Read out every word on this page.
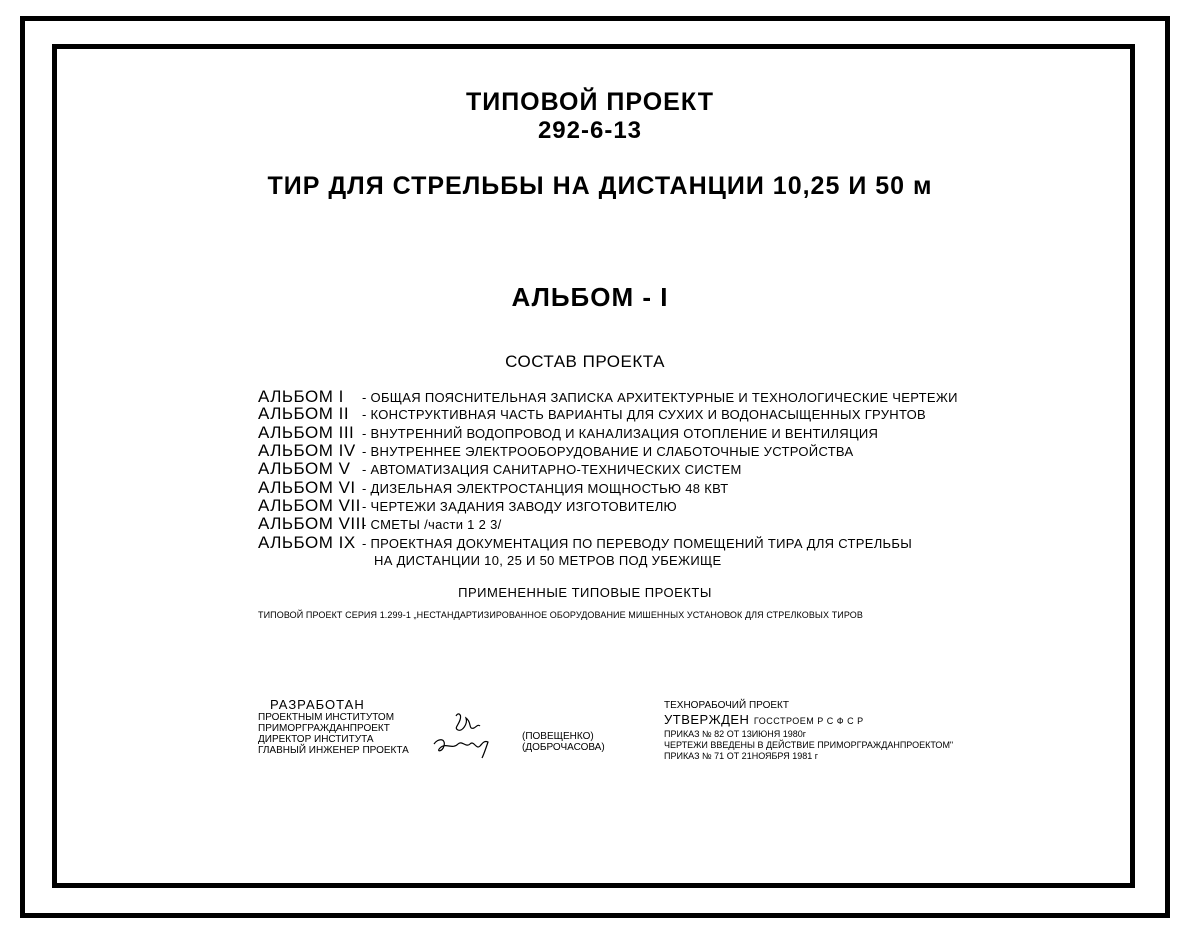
ТИПОВОЙ ПРОЕКТ
292-6-13
ТИР ДЛЯ СТРЕЛЬБЫ НА ДИСТАНЦИИ 10,25 И 50 м
АЛЬБОМ - I
СОСТАВ ПРОЕКТА
АЛЬБОМ I - ОБЩАЯ ПОЯСНИТЕЛЬНАЯ ЗАПИСКА АРХИТЕКТУРНЫЕ И ТЕХНОЛОГИЧЕСКИЕ ЧЕРТЕЖИ
АЛЬБОМ II - КОНСТРУКТИВНАЯ ЧАСТЬ ВАРИАНТЫ ДЛЯ СУХИХ И ВОДОНАСЫЩЕННЫХ ГРУНТОВ
АЛЬБОМ III - ВНУТРЕННИЙ ВОДОПРОВОД И КАНАЛИЗАЦИЯ ОТОПЛЕНИЕ И ВЕНТИЛЯЦИЯ
АЛЬБОМ IV - ВНУТРЕННЕЕ ЭЛЕКТРООБОРУДОВАНИЕ И СЛАБОТОЧНЫЕ УСТРОЙСТВА
АЛЬБОМ V - АВТОМАТИЗАЦИЯ САНИТАРНО-ТЕХНИЧЕСКИХ СИСТЕМ
АЛЬБОМ VI - ДИЗЕЛЬНАЯ ЭЛЕКТРОСТАНЦИЯ МОЩНОСТЬЮ 48 КВТ
АЛЬБОМ VII - ЧЕРТЕЖИ ЗАДАНИЯ ЗАВОДУ ИЗГОТОВИТЕЛЮ
АЛЬБОМ VIII
- СМЕТЫ /части 1 2 3/
АЛЬБОМ IX - ПРОЕКТНАЯ ДОКУМЕНТАЦИЯ ПО ПЕРЕВОДУ ПОМЕЩЕНИЙ ТИРА ДЛЯ СТРЕЛЬБЫ
НА ДИСТАНЦИИ 10, 25 И 50 МЕТРОВ ПОД УБЕЖИЩЕ
ПРИМЕНЕННЫЕ ТИПОВЫЕ ПРОЕКТЫ
ТИПОВОЙ ПРОЕКТ СЕРИЯ 1.299-1 „НЕСТАНДАРТИЗИРОВАННОЕ ОБОРУДОВАНИЕ МИШЕННЫХ УСТАНОВОК ДЛЯ СТРЕЛКОВЫХ ТИРОВ
РАЗРАБОТАН
ПРОЕКТНЫМ ИНСТИТУТОМ
ПРИМОРГРАЖДАНПРОЕКТ
ДИРЕКТОР ИНСТИТУТА
ГЛАВНЫЙ ИНЖЕНЕР ПРОЕКТА
(ПОВЕЩЕНКО)
(ДОБРОЧАСОВА)
ТЕХНОРАБОЧИЙ ПРОЕКТ
УТВЕРЖДЕН ГОССТРОЕМ Р С Ф С Р
ПРИКАЗ № 82 ОТ 13ИЮНЯ 1980г
ЧЕРТЕЖИ ВВЕДЕНЫ В ДЕЙСТВИЕ ПРИМОРГРАЖДАНПРОЕКТОМ"
ПРИКАЗ № 71 ОТ 21НОЯБРЯ 1981 г
